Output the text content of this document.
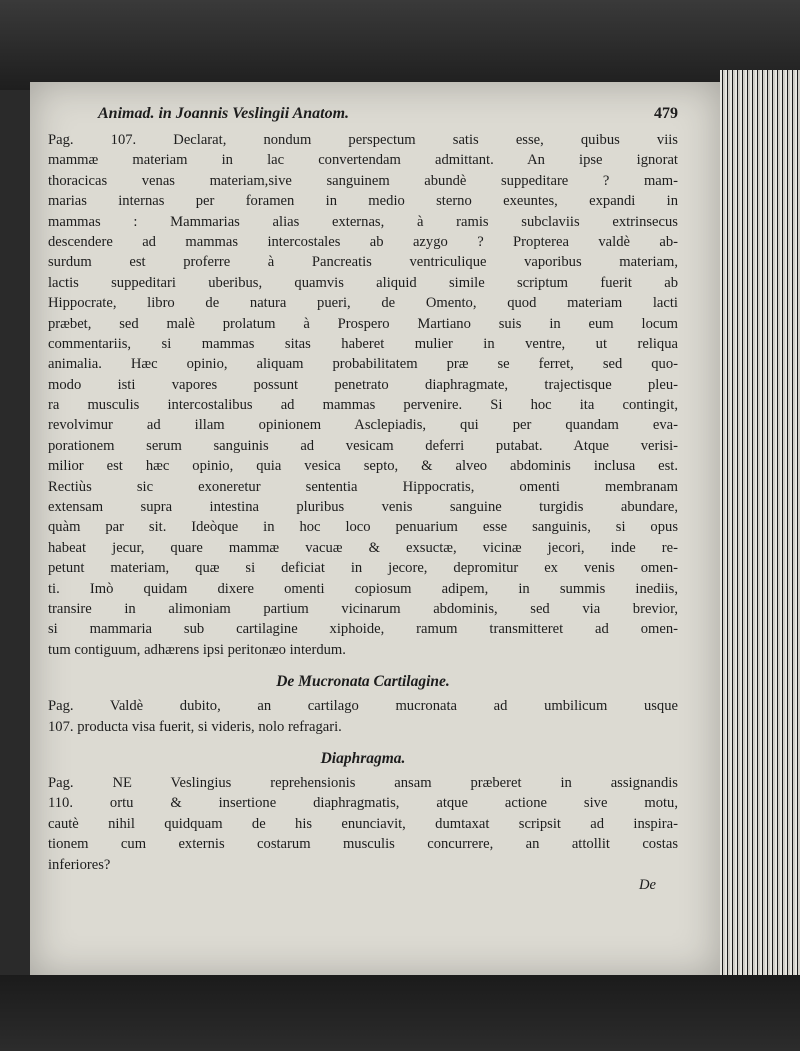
Animad. in Joannis Veslingii Anatom.	479
Pag. 107. Declarat, nondum perspectum satis esse, quibus viis
mammæ materiam in lac convertendam admittant. An ipse ignorat
thoracicas venas materiam,sive sanguinem abundè suppeditare ? mam-
marias internas per foramen in medio sterno exeuntes, expandi in
mammas : Mammarias alias externas, à ramis subclaviis extrinsecus
descendere ad mammas intercostales ab azygo ? Propterea valdè ab-
surdum est proferre à Pancreatis ventriculique vaporibus materiam,
lactis suppeditari uberibus, quamvis aliquid simile scriptum fuerit ab
Hippocrate, libro de natura pueri, de Omento, quod materiam lacti
præbet, sed malè prolatum à Prospero Martiano suis in eum locum
commentariis, si mammas sitas haberet mulier in ventre, ut reliqua
animalia. Hæc opinio, aliquam probabilitatem præ se ferret, sed quo-
modo isti vapores possunt penetrato diaphragmate, trajectisque pleu-
ra musculis intercostalibus ad mammas pervenire. Si hoc ita contingit,
revolvimur ad illam opinionem Asclepiadis, qui per quandam eva-
porationem serum sanguinis ad vesicam deferri putabat. Atque verisi-
milior est hæc opinio, quia vesica septo, & alveo abdominis inclusa est.
Rectiùs sic exoneretur sententia Hippocratis, omenti membranam
extensam supra intestina pluribus venis sanguine turgidis abundare,
quàm par sit. Ideòque in hoc loco penuarium esse sanguinis, si opus
habeat jecur, quare mammæ vacuæ & exsuctæ, vicinæ jecori, inde re-
petunt materiam, quæ si deficiat in jecore, depromitur ex venis omen-
ti. Imò quidam dixere omenti copiosum adipem, in summis inediis,
transire in alimoniam partium vicinarum abdominis, sed via brevior,
si mammaria sub cartilagine xiphoide, ramum transmitteret ad omen-
tum contiguum, adhærens ipsi peritonæo interdum.
De Mucronata Cartilagine.
Pag. Valdè dubito, an cartilago mucronata ad umbilicum usque
107. producta visa fuerit, si videris, nolo refragari.
Diaphragma.
Pag. NE Veslingius reprehensionis ansam præberet in assignandis
110. ortu & insertione diaphragmatis, atque actione sive motu,
cautè nihil quidquam de his enunciavit, dumtaxat scripsit ad inspira-
tionem cum externis costarum musculis concurrere, an attollit costas
inferiores?
De
